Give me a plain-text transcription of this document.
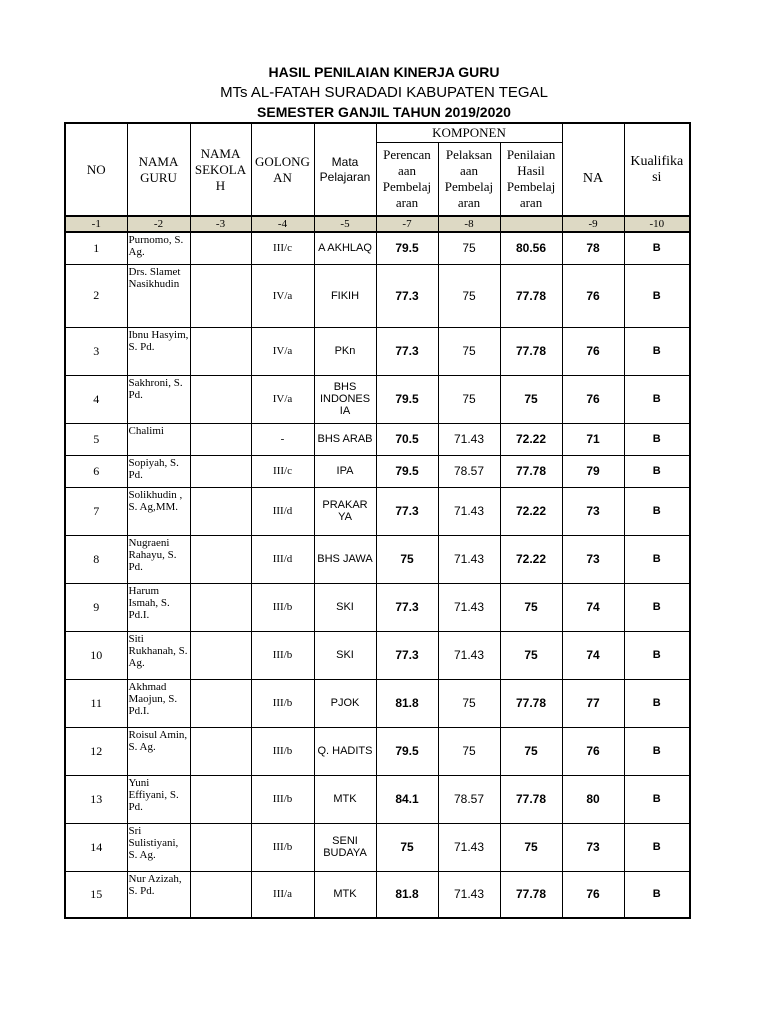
HASIL PENILAIAN KINERJA GURU
MTs AL-FATAH SURADADI KABUPATEN TEGAL
SEMESTER GANJIL TAHUN 2019/2020
NO	NAMA GURU	NAMA SEKOLA H	GOLONG AN	Mata Pelajaran	KOMPONEN				Kualifika si
					Perencan aan Pembelaj aran	Pelaksan aan Pembelaj aran	Penilaian Hasil Pembelaj aran	NA	
-1	-2	-3	-4	-5	-7	-8		-9	-10
1	Purnomo, S. Ag.		III/c	A AKHLAQ	79.5	75	80.56	78	B
2	Drs. Slamet Nasikhudin		IV/a	FIKIH	77.3	75	77.78	76	B
3	Ibnu Hasyim, S. Pd.		IV/a	PKn	77.3	75	77.78	76	B
4	Sakhroni, S. Pd.		IV/a	BHS INDONES IA	79.5	75	75	76	B
5	Chalimi		-	BHS ARAB	70.5	71.43	72.22	71	B
6	Sopiyah, S. Pd.		III/c	IPA	79.5	78.57	77.78	79	B
7	Solikhudin , S. Ag,MM.		III/d	PRAKAR YA	77.3	71.43	72.22	73	B
8	Nugraeni Rahayu, S. Pd.		III/d	BHS JAWA	75	71.43	72.22	73	B
9	Harum Ismah, S. Pd.I.		III/b	SKI	77.3	71.43	75	74	B
10	Siti Rukhanah, S. Ag.		III/b	SKI	77.3	71.43	75	74	B
11	Akhmad Maojun, S. Pd.I.		III/b	PJOK	81.8	75	77.78	77	B
12	Roisul Amin, S. Ag.		III/b	Q. HADITS	79.5	75	75	76	B
13	Yuni Effiyani, S. Pd.		III/b	MTK	84.1	78.57	77.78	80	B
14	Sri Sulistiyani, S. Ag.		III/b	SENI BUDAYA	75	71.43	75	73	B
15	Nur Azizah, S. Pd.		III/a	MTK	81.8	71.43	77.78	76	B
